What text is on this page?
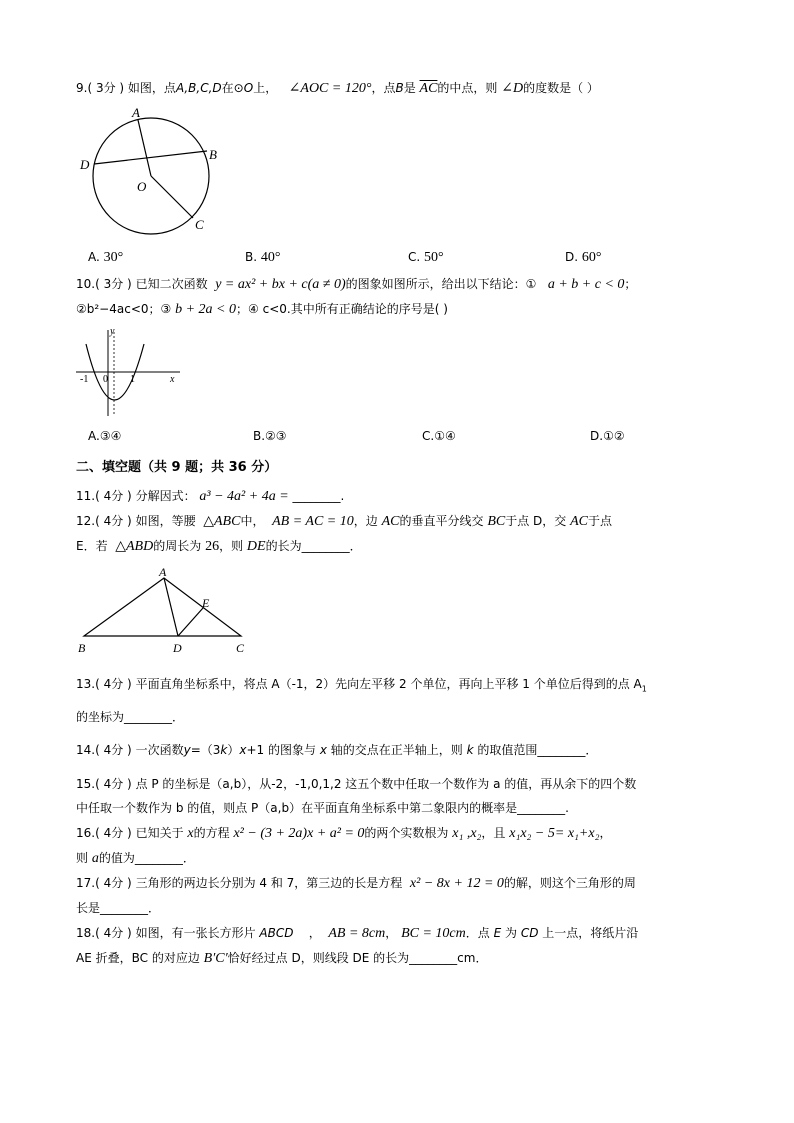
9.( 3分 ) 如图，点A,B,C,D在⊙O上， ∠AOC = 120°，点B是 $\overline{AC}$的中点，则 ∠D的度数是（ ）
A
B
C
D
O
A. 30°	B. 40°	C. 50°	D. 60°
10.( 3分 ) 已知二次函数 y = ax² + bx + c(a ≠ 0)的图象如图所示，给出以下结论：① a + b + c < 0；
②b²−4ac<0；③ b + 2a < 0；④ c<0.其中所有正确结论的序号是( )
y
x
-1 0 1
A.③④	B.②③	C.①④	D.①②
二、填空题（共 9 题；共 36 分）
11.( 4分 ) 分解因式： a³ − 4a² + 4a = ________.
12.( 4分 ) 如图，等腰 △ABC中， AB = AC = 10，边 AC的垂直平分线交 BC于点 D，交 AC于点
E．若 △ABD的周长为 26，则 DE的长为________．
A
B	C
D
E
13.( 4分 ) 平面直角坐标系中，将点 A（-1，2）先向左平移 2 个单位，再向上平移 1 个单位后得到的点 $A_1$
的坐标为________．
14.( 4分 ) 一次函数y=（3k）x+1 的图象与 x 轴的交点在正半轴上，则 k 的取值范围________．
15.( 4分 ) 点 P 的坐标是（a,b），从-2，-1,0,1,2 这五个数中任取一个数作为 a 的值，再从余下的四个数
中任取一个数作为 b 的值，则点 P（a,b）在平面直角坐标系中第二象限内的概率是________.
16.( 4分 ) 已知关于 x的方程 x² − (3 + 2a)x + a² = 0的两个实数根为 x₁ ,x₂，且 x₁x₂ − 5= x₁+x₂，
则 a的值为________．
17.( 4分 ) 三角形的两边长分别为 4 和 7，第三边的长是方程 x² − 8x + 12 = 0的解，则这个三角形的周
长是________．
18.( 4分 ) 如图，有一张长方形片 ABCD    ，  AB = 8cm， BC = 10cm．点 E 为 CD 上一点，将纸片沿
AE 折叠，BC 的对应边 B′C′恰好经过点 D，则线段 DE 的长为________cm．
